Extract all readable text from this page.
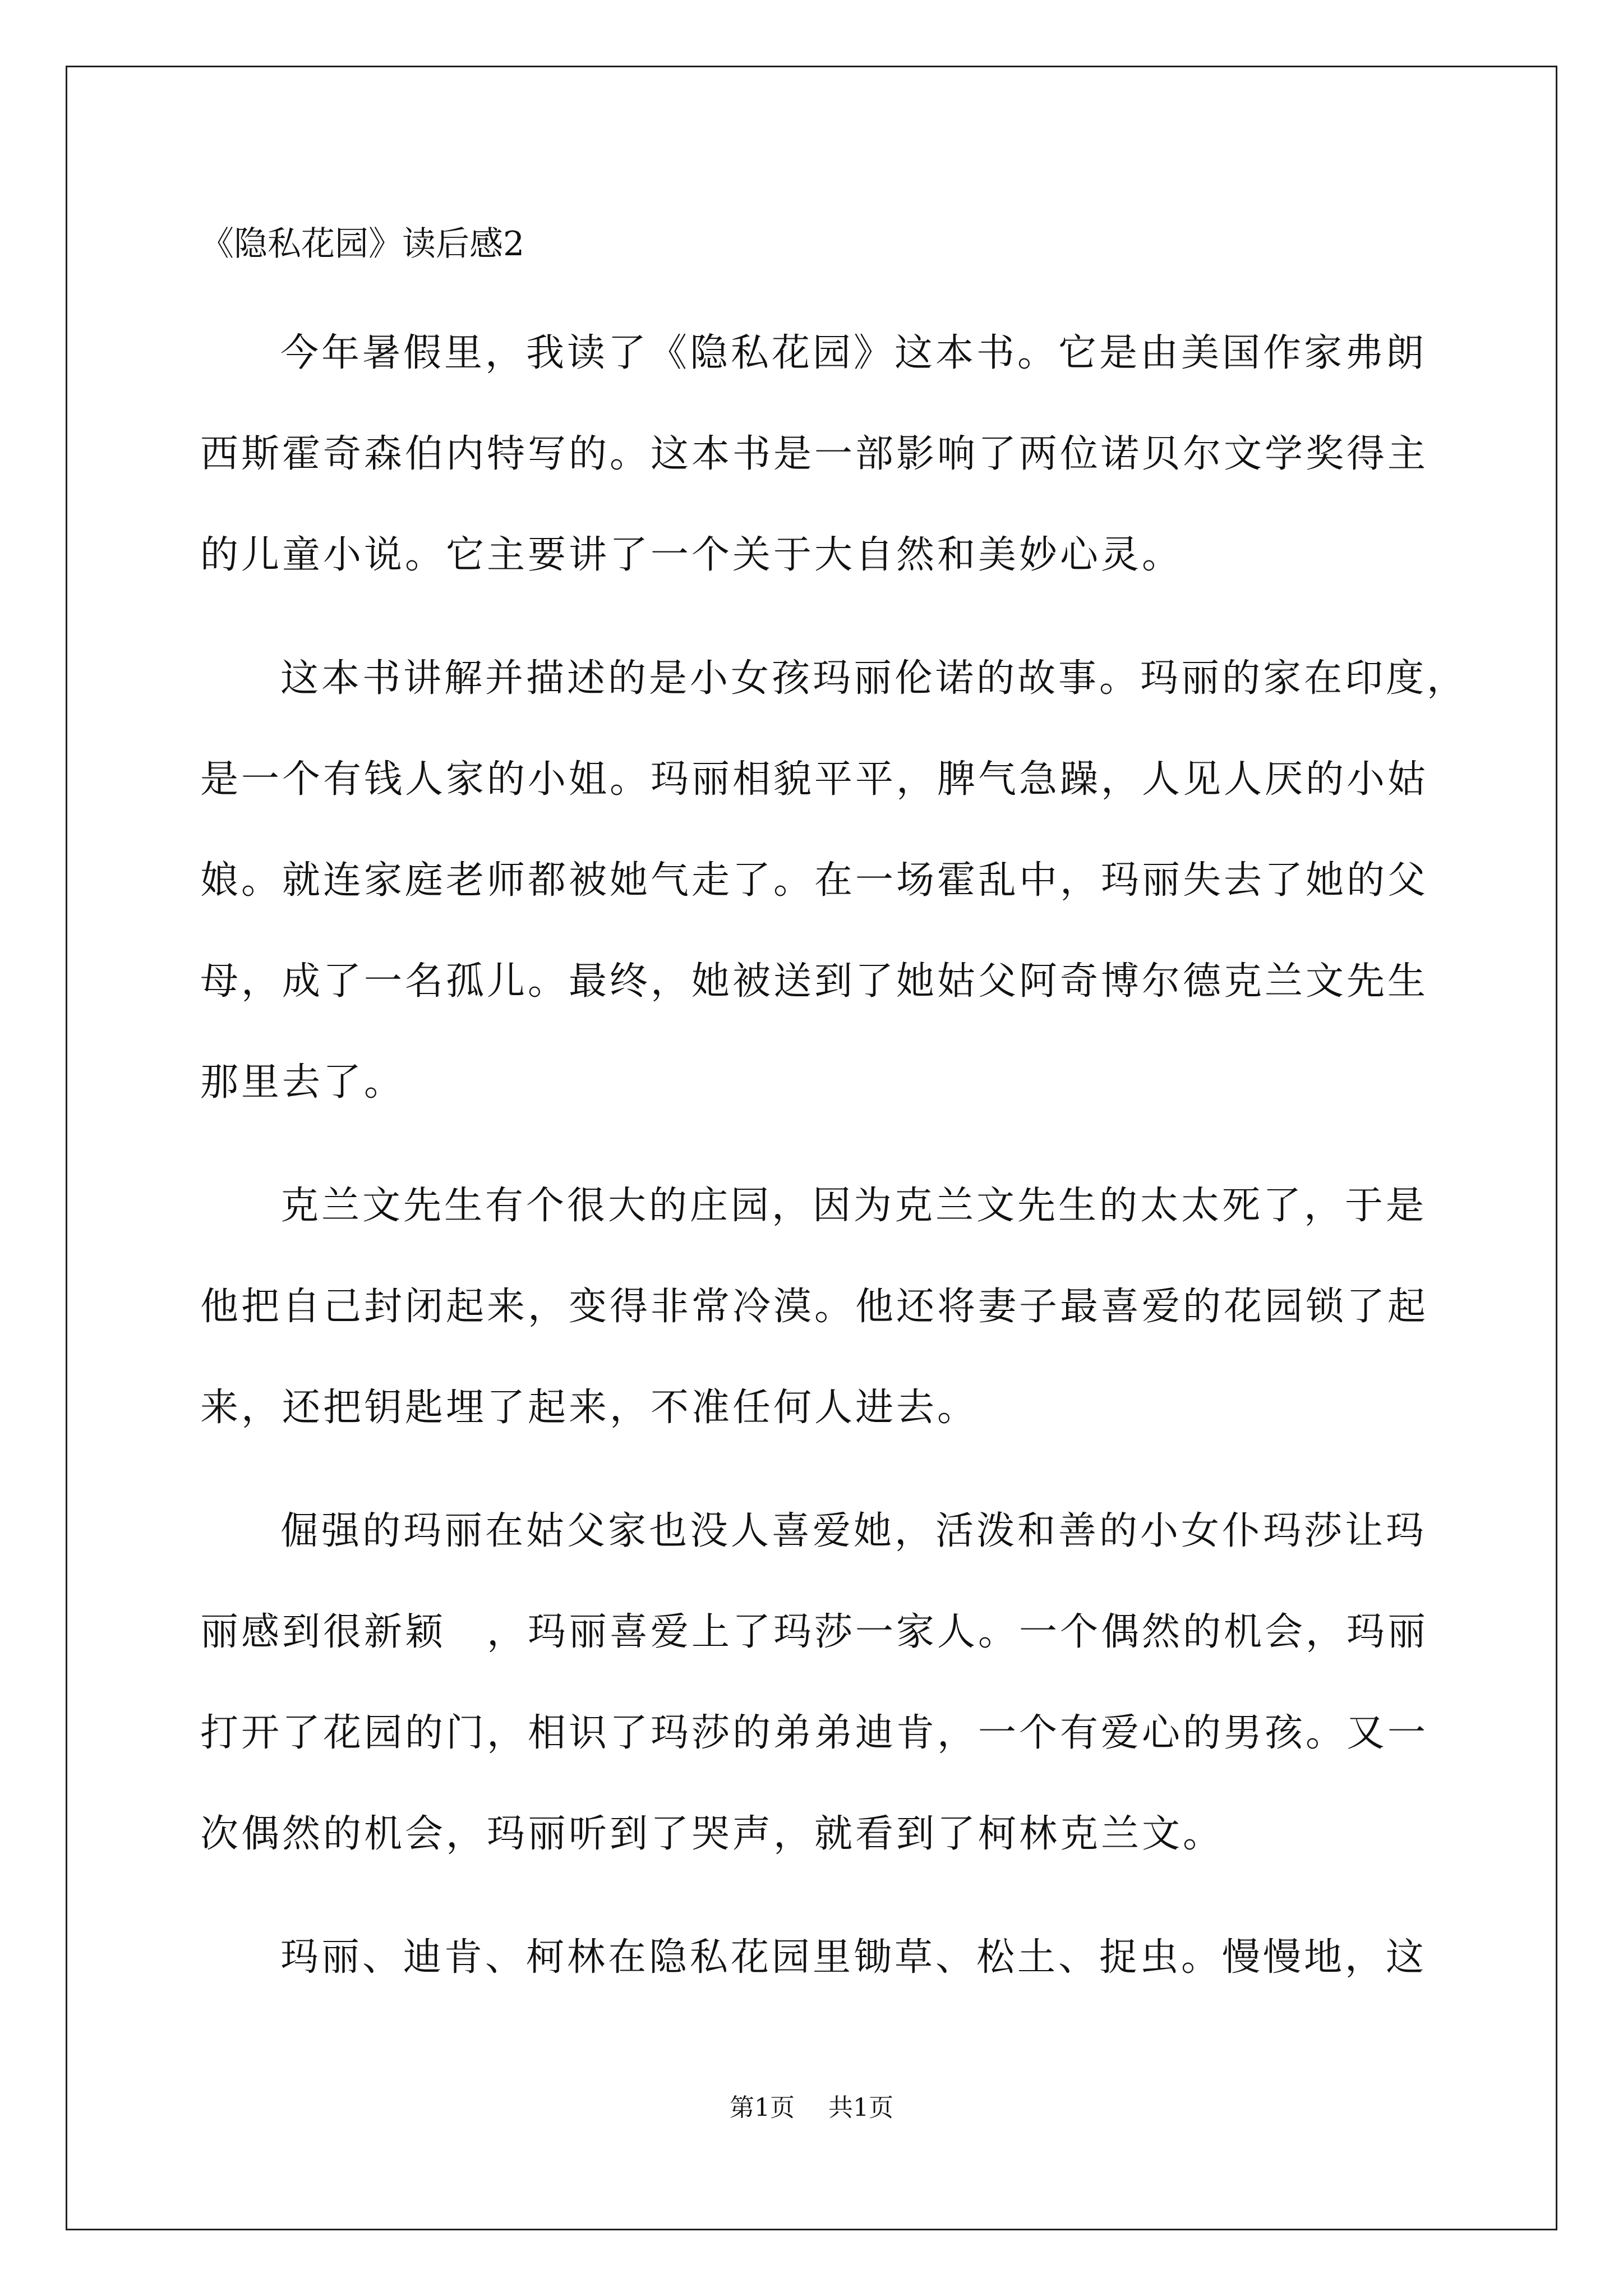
《隐私花园》读后感2

今年暑假里，我读了《隐私花园》这本书。它是由美国作家弗朗

西斯霍奇森伯内特写的。这本书是一部影响了两位诺贝尔文学奖得主

的儿童小说。它主要讲了一个关于大自然和美妙心灵。

这本书讲解并描述的是小女孩玛丽伦诺的故事。玛丽的家在印度，

是一个有钱人家的小姐。玛丽相貌平平，脾气急躁，人见人厌的小姑

娘。就连家庭老师都被她气走了。在一场霍乱中，玛丽失去了她的父

母，成了一名孤儿。最终，她被送到了她姑父阿奇博尔德克兰文先生

那里去了。

克兰文先生有个很大的庄园，因为克兰文先生的太太死了，于是

他把自己封闭起来，变得非常冷漠。他还将妻子最喜爱的花园锁了起

来，还把钥匙埋了起来，不准任何人进去。

倔强的玛丽在姑父家也没人喜爱她，活泼和善的小女仆玛莎让玛

丽感到很新颖　，玛丽喜爱上了玛莎一家人。一个偶然的机会，玛丽

打开了花园的门，相识了玛莎的弟弟迪肯，一个有爱心的男孩。又一

次偶然的机会，玛丽听到了哭声，就看到了柯林克兰文。

玛丽、迪肯、柯林在隐私花园里锄草、松土、捉虫。慢慢地，这

第1页 共1页
